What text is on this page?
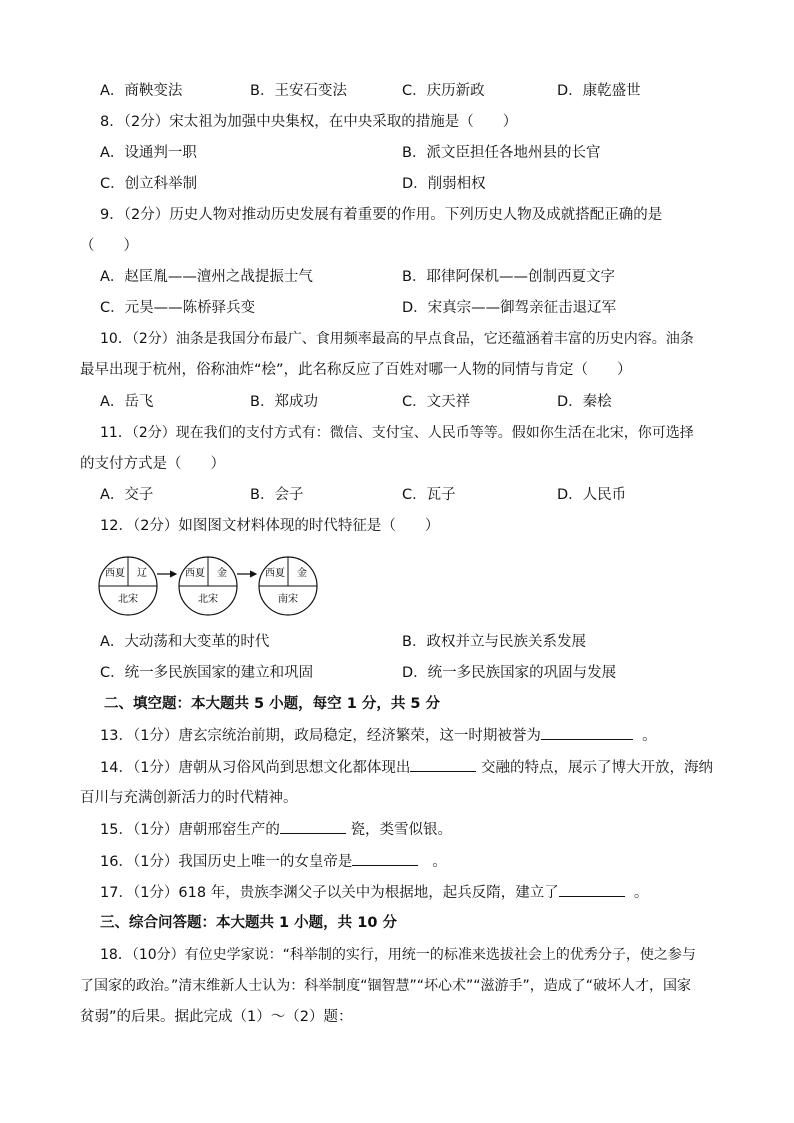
A．商鞅变法	B．王安石变法	C．庆历新政	D．康乾盛世
8．（2分）宋太祖为加强中央集权，在中央采取的措施是（　　）
A．设通判一职	B．派文臣担任各地州县的长官
C．创立科举制	D．削弱相权
9．（2分）历史人物对推动历史发展有着重要的作用。下列历史人物及成就搭配正确的是
（　　）
A．赵匡胤——澶州之战提振士气	B．耶律阿保机——创制西夏文字
C．元昊——陈桥驿兵变	D．宋真宗——御驾亲征击退辽军
10．（2分）油条是我国分布最广、食用频率最高的早点食品，它还蕴涵着丰富的历史内容。油条
最早出现于杭州，俗称油炸“桧”，此名称反应了百姓对哪一人物的同情与肯定（　　）
A．岳飞	B．郑成功	C．文天祥	D．秦桧
11．（2分）现在我们的支付方式有：微信、支付宝、人民币等等。假如你生活在北宋，你可选择
的支付方式是（　　）
A．交子	B．会子	C．瓦子	D．人民币
12．（2分）如图图文材料体现的时代特征是（　　）
西夏 辽
北宋
西夏 金
北宋
西夏 金
南宋
A．大动荡和大变革的时代	B．政权并立与民族关系发展
C．统一多民族国家的建立和巩固	D．统一多民族国家的巩固与发展
二、填空题：本大题共 5 小题，每空 1 分，共 5 分
13．（1分）唐玄宗统治前期，政局稳定，经济繁荣，这一时期被誉为	。
14．（1分）唐朝从习俗风尚到思想文化都体现出	交融的特点，展示了博大开放，海纳
百川与充满创新活力的时代精神。
15．（1分）唐朝邢窑生产的	瓷，类雪似银。
16．（1分）我国历史上唯一的女皇帝是	。
17．（1分）618 年，贵族李渊父子以关中为根据地，起兵反隋，建立了	。
三、综合问答题：本大题共 1 小题，共 10 分
18．（10分）有位史学家说：“科举制的实行，用统一的标准来选拔社会上的优秀分子，使之参与
了国家的政治。”清末维新人士认为：科举制度“锢智慧”“坏心术”“滋游手”，造成了“破坏人才，国家
贫弱”的后果。据此完成（1）～（2）题：
